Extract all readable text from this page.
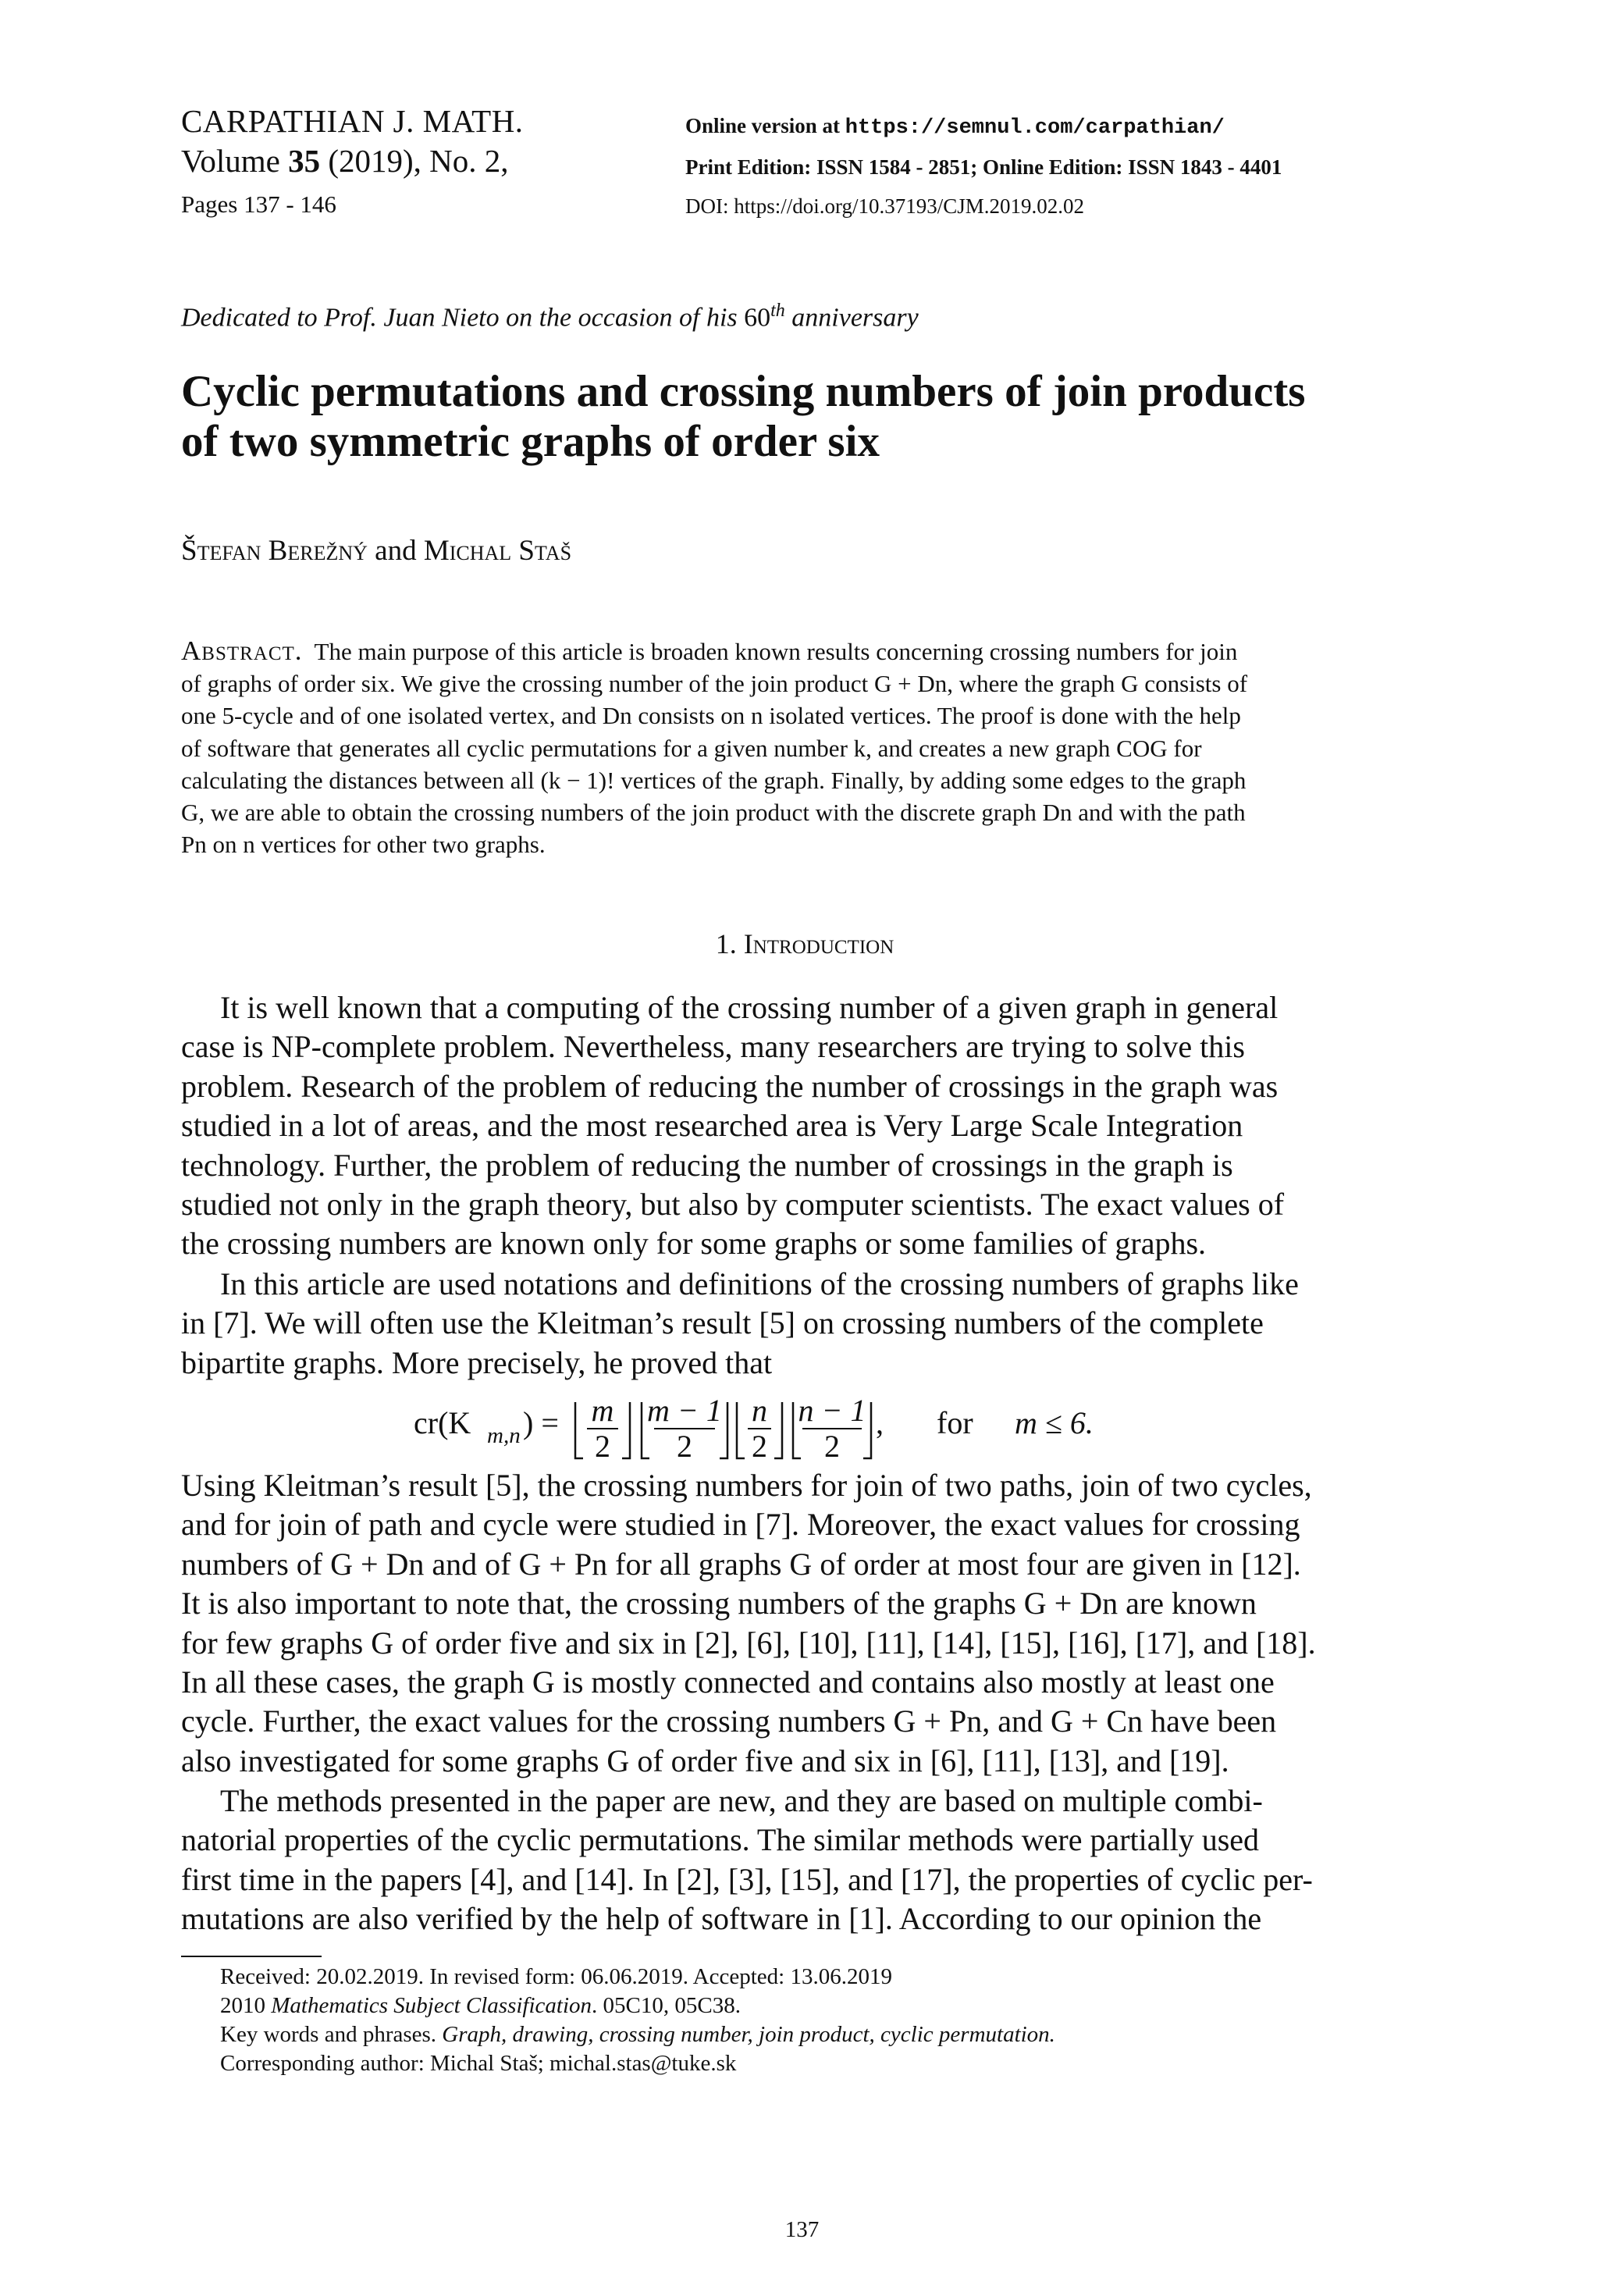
CARPATHIAN J. MATH.
Volume 35 (2019), No. 2,
Pages 137 - 146
Online version at https://semnul.com/carpathian/
Print Edition: ISSN 1584 - 2851; Online Edition: ISSN 1843 - 4401
DOI: https://doi.org/10.37193/CJM.2019.02.02
Dedicated to Prof. Juan Nieto on the occasion of his 60th anniversary
Cyclic permutations and crossing numbers of join products
of two symmetric graphs of order six
Štefan Berežný and Michal Staš
Abstract. The main purpose of this article is broaden known results concerning crossing numbers for join
of graphs of order six. We give the crossing number of the join product G + Dn, where the graph G consists of
one 5-cycle and of one isolated vertex, and Dn consists on n isolated vertices. The proof is done with the help
of software that generates all cyclic permutations for a given number k, and creates a new graph COG for
calculating the distances between all (k − 1)! vertices of the graph. Finally, by adding some edges to the graph
G, we are able to obtain the crossing numbers of the join product with the discrete graph Dn and with the path
Pn on n vertices for other two graphs.
1. Introduction
It is well known that a computing of the crossing number of a given graph in general
case is NP-complete problem. Nevertheless, many researchers are trying to solve this
problem. Research of the problem of reducing the number of crossings in the graph was
studied in a lot of areas, and the most researched area is Very Large Scale Integration
technology. Further, the problem of reducing the number of crossings in the graph is
studied not only in the graph theory, but also by computer scientists. The exact values of
the crossing numbers are known only for some graphs or some families of graphs.
In this article are used notations and definitions of the crossing numbers of graphs like
in [7]. We will often use the Kleitman’s result [5] on crossing numbers of the complete
bipartite graphs. More precisely, he proved that
cr(K m,n ) = m
2
m − 1
2
n
2
n − 1
2
, for m ≤ 6.
Using Kleitman’s result [5], the crossing numbers for join of two paths, join of two cycles,
and for join of path and cycle were studied in [7]. Moreover, the exact values for crossing
numbers of G + Dn and of G + Pn for all graphs G of order at most four are given in [12].
It is also important to note that, the crossing numbers of the graphs G + Dn are known
for few graphs G of order five and six in [2], [6], [10], [11], [14], [15], [16], [17], and [18].
In all these cases, the graph G is mostly connected and contains also mostly at least one
cycle. Further, the exact values for the crossing numbers G + Pn, and G + Cn have been
also investigated for some graphs G of order five and six in [6], [11], [13], and [19].
The methods presented in the paper are new, and they are based on multiple combi-
natorial properties of the cyclic permutations. The similar methods were partially used
first time in the papers [4], and [14]. In [2], [3], [15], and [17], the properties of cyclic per-
mutations are also verified by the help of software in [1]. According to our opinion the
Received: 20.02.2019. In revised form: 06.06.2019. Accepted: 13.06.2019
2010 Mathematics Subject Classification. 05C10, 05C38.
Key words and phrases. Graph, drawing, crossing number, join product, cyclic permutation.
Corresponding author: Michal Staš; michal.stas@tuke.sk
137
